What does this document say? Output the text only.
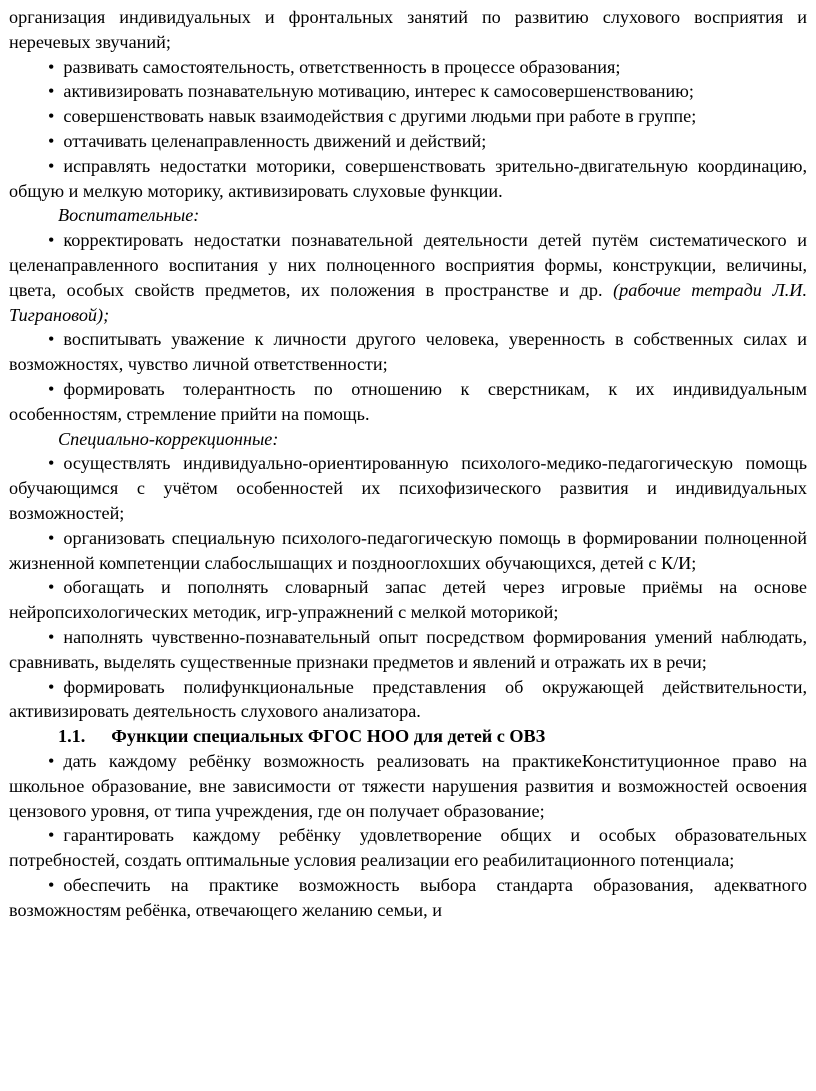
организация индивидуальных и фронтальных занятий по развитию слухового восприятия и неречевых звучаний;

• развивать самостоятельность, ответственность в процессе образования;

• активизировать познавательную мотивацию, интерес к самосовершенствованию;

• совершенствовать навык взаимодействия с другими людьми при работе в группе;

• оттачивать целенаправленность движений и действий;

• исправлять недостатки моторики, совершенствовать зрительно-двигательную координацию, общую и мелкую моторику, активизировать слуховые функции.

Воспитательные:

• корректировать недостатки познавательной деятельности детей путём систематического и целенаправленного воспитания у них полноценного восприятия формы, конструкции, величины, цвета, особых свойств предметов, их положения в пространстве и др. (рабочие тетради Л.И. Тиграновой);

• воспитывать уважение к личности другого человека, уверенность в собственных силах и возможностях, чувство личной ответственности;

• формировать толерантность по отношению к сверстникам, к их индивидуальным особенностям, стремление прийти на помощь.

Специально-коррекционные:

• осуществлять индивидуально-ориентированную психолого-медико-педагогическую помощь обучающимся с учётом особенностей их психофизического развития и индивидуальных возможностей;

• организовать специальную психолого-педагогическую помощь в формировании полноценной жизненной компетенции слабослышащих и позднооглохших обучающихся, детей с К/И;

• обогащать и пополнять словарный запас детей через игровые приёмы на основе нейропсихологических методик, игр-упражнений с мелкой моторикой;

• наполнять чувственно-познавательный опыт посредством формирования умений наблюдать, сравнивать, выделять существенные признаки предметов и явлений и отражать их в речи;

• формировать полифункциональные представления об окружающей действительности, активизировать деятельность слухового анализатора.

1.1. Функции специальных ФГОС НОО для детей с ОВЗ

• дать каждому ребёнку возможность реализовать на практикеКонституционное право на школьное образование, вне зависимости от тяжести нарушения развития и возможностей освоения цензового уровня, от типа учреждения, где он получает образование;

• гарантировать каждому ребёнку удовлетворение общих и особых образовательных потребностей, создать оптимальные условия реализации его реабилитационного потенциала;

• обеспечить на практике возможность выбора стандарта образования, адекватного возможностям ребёнка, отвечающего желанию семьи, и
